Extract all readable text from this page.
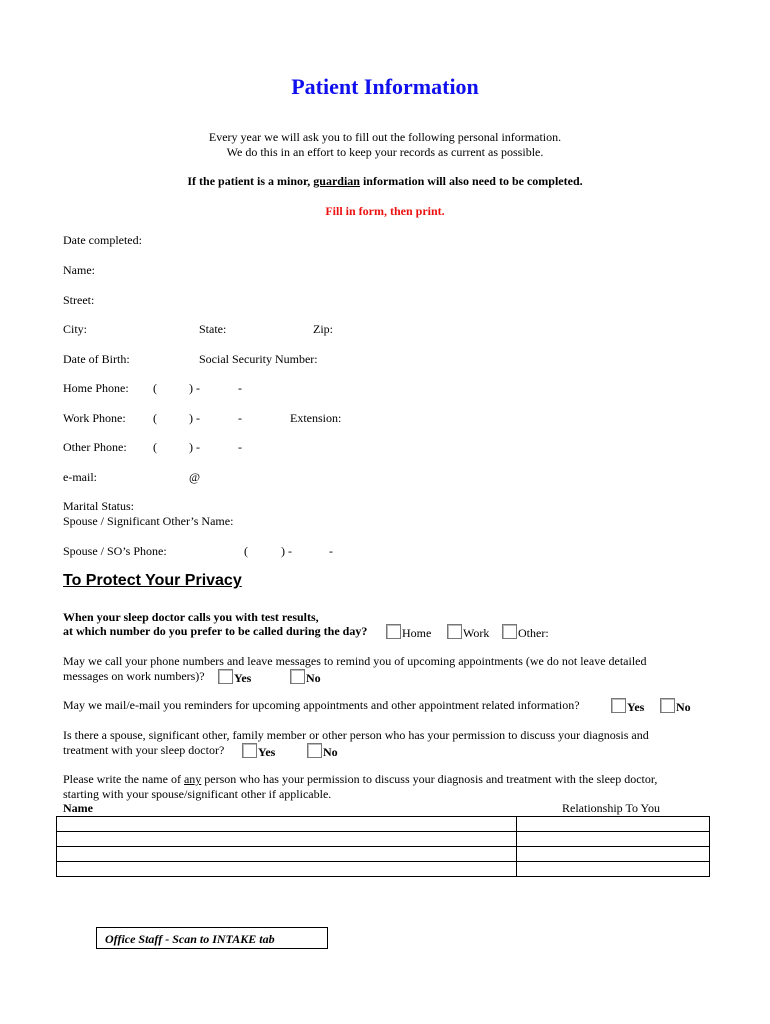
Patient Information
Every year we will ask you to fill out the following personal information.
We do this in an effort to keep your records as current as possible.
If the patient is a minor, guardian information will also need to be completed.
Fill in form, then print.
Date completed:
Name:
Street:
City:	State:	Zip:
Date of Birth:	Social Security Number:
Home Phone: (	) -	-
Work Phone: (	) -	-	Extension:
Other Phone: (	) -	-
e-mail:	@
Marital Status:
Spouse / Significant Other’s Name:
Spouse / SO’s Phone:	(	) -	-
To Protect Your Privacy
When your sleep doctor calls you with test results,
at which number do you prefer to be called during the day?	Home	Work	Other:
May we call your phone numbers and leave messages to remind you of upcoming appointments (we do not leave detailed
messages on work numbers)?	Yes	No
May we mail/e-mail you reminders for upcoming appointments and other appointment related information?	Yes	No
Is there a spouse, significant other, family member or other person who has your permission to discuss your diagnosis and
treatment with your sleep doctor?	Yes	No
Please write the name of any person who has your permission to discuss your diagnosis and treatment with the sleep doctor,
starting with your spouse/significant other if applicable.
Name	Relationship To You

Office Staff - Scan to INTAKE tab
